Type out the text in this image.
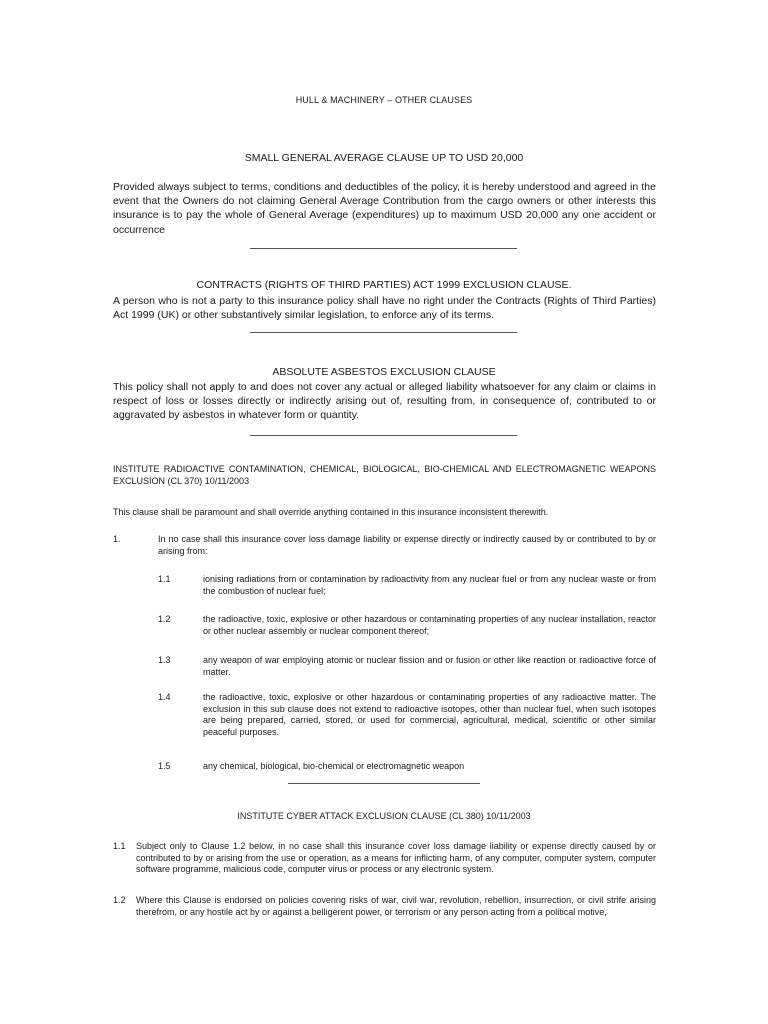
HULL & MACHINERY – OTHER CLAUSES
SMALL GENERAL AVERAGE CLAUSE UP TO USD 20,000
Provided always subject to terms, conditions and deductibles of the policy, it is hereby understood and agreed in the event that the Owners do not claiming General Average Contribution from the cargo owners or other interests this insurance is to pay the whole of General Average (expenditures) up to maximum USD 20,000 any one accident or occurrence
CONTRACTS (RIGHTS OF THIRD PARTIES) ACT 1999 EXCLUSION CLAUSE.
A person who is not a party to this insurance policy shall have no right under the Contracts (Rights of Third Parties) Act 1999 (UK) or other substantively similar legislation, to enforce any of its terms.
ABSOLUTE ASBESTOS EXCLUSION CLAUSE
This policy shall not apply to and does not cover any actual or alleged liability whatsoever for any claim or claims in respect of loss or losses directly or indirectly arising out of, resulting from, in consequence of, contributed to or aggravated by asbestos in whatever form or quantity.
INSTITUTE RADIOACTIVE CONTAMINATION, CHEMICAL, BIOLOGICAL, BIO-CHEMICAL AND ELECTROMAGNETIC WEAPONS EXCLUSION (CL 370) 10/11/2003
This clause shall be paramount and shall override anything contained in this insurance inconsistent therewith.
1.	In no case shall this insurance cover loss damage liability or expense directly or indirectly caused by or contributed to by or arising from:
1.1	ionising radiations from or contamination by radioactivity from any nuclear fuel or from any nuclear waste or from the combustion of nuclear fuel;
1.2	the radioactive, toxic, explosive or other hazardous or contaminating properties of any nuclear installation, reactor or other nuclear assembly or nuclear component thereof;
1.3	any weapon of war employing atomic or nuclear fission and or fusion or other like reaction or radioactive force of matter.
1.4	the radioactive, toxic, explosive or other hazardous or contaminating properties of any radioactive matter. The exclusion in this sub clause does not extend to radioactive isotopes, other than nuclear fuel, when such isotopes are being prepared, carried, stored, or used for commercial, agricultural, medical, scientific or other similar peaceful purposes.
1.5	any chemical, biological, bio-chemical or electromagnetic weapon
INSTITUTE CYBER ATTACK EXCLUSION CLAUSE (CL 380) 10/11/2003
1.1 Subject only to Clause 1.2 below, in no case shall this insurance cover loss damage liability or expense directly caused by or contributed to by or arising from the use or operation, as a means for inflicting harm, of any computer, computer system, computer software programme, malicious code, computer virus or process or any electronic system.
1.2 Where this Clause is endorsed on policies covering risks of war, civil war, revolution, rebellion, insurrection, or civil strife arising therefrom, or any hostile act by or against a belligerent power, or terrorism or any person acting from a political motive,
